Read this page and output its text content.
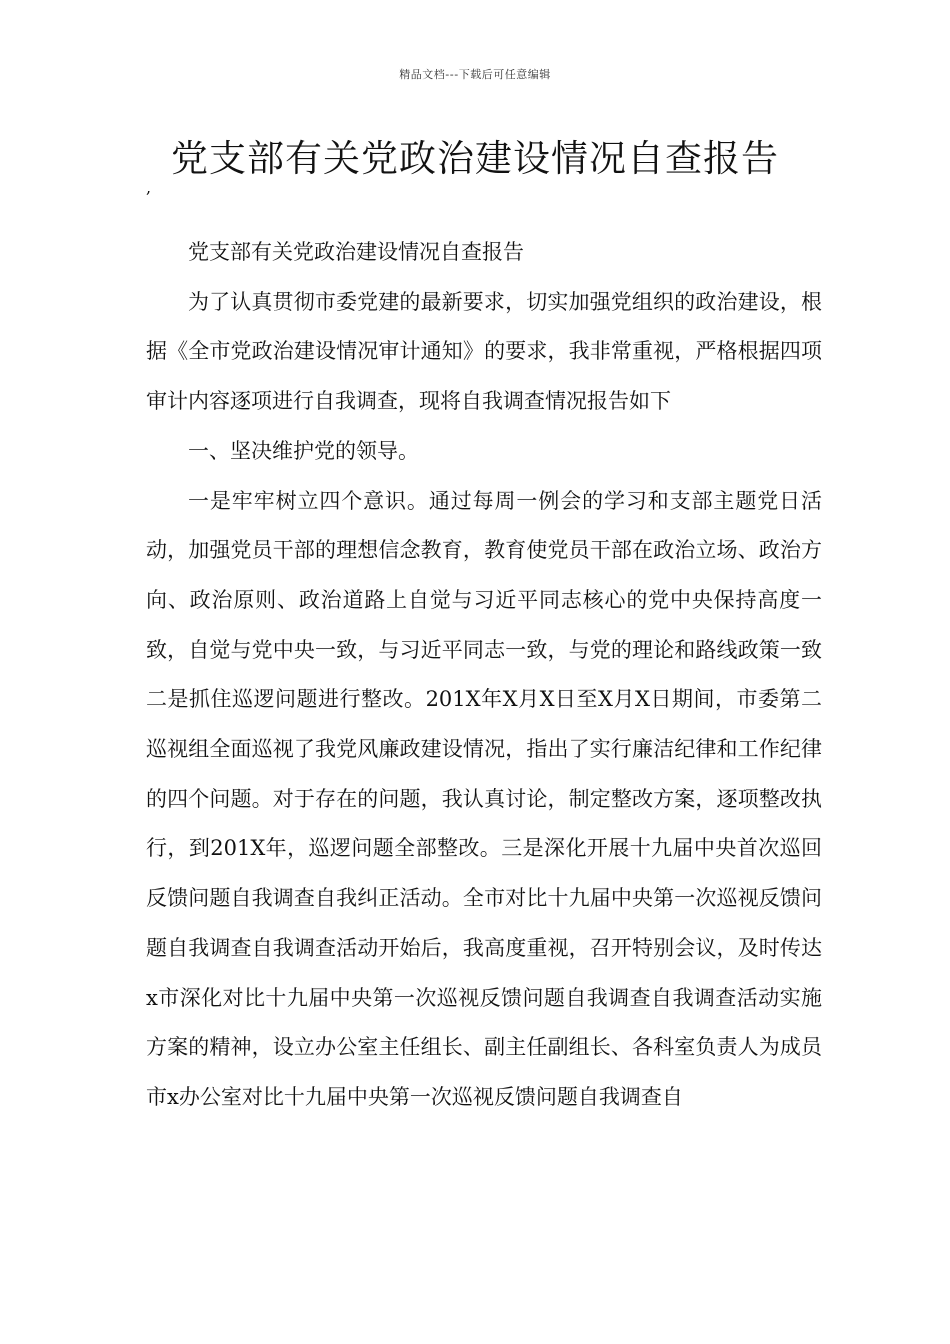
精品文档---下载后可任意编辑
党支部有关党政治建设情况自查报告
,

党支部有关党政治建设情况自查报告

为了认真贯彻市委党建的最新要求，切实加强党组织的政治建设，根据《全市党政治建设情况审计通知》的要求，我非常重视，严格根据四项审计内容逐项进行自我调查，现将自我调查情况报告如下

一、坚决维护党的领导。

一是牢牢树立四个意识。通过每周一例会的学习和支部主题党日活动，加强党员干部的理想信念教育，教育使党员干部在政治立场、政治方向、政治原则、政治道路上自觉与习近平同志核心的党中央保持高度一致，自觉与党中央一致，与习近平同志一致，与党的理论和路线政策一致二是抓住巡逻问题进行整改。201X年X月X日至X月X日期间，市委第二巡视组全面巡视了我党风廉政建设情况，指出了实行廉洁纪律和工作纪律的四个问题。对于存在的问题，我认真讨论，制定整改方案，逐项整改执行，到201X年，巡逻问题全部整改。三是深化开展十九届中央首次巡回反馈问题自我调查自我纠正活动。全市对比十九届中央第一次巡视反馈问题自我调查自我调查活动开始后，我高度重视，召开特别会议，及时传达x市深化对比十九届中央第一次巡视反馈问题自我调查自我调查活动实施方案的精神，设立办公室主任组长、副主任副组长、各科室负责人为成员市x办公室对比十九届中央第一次巡视反馈问题自我调查自
